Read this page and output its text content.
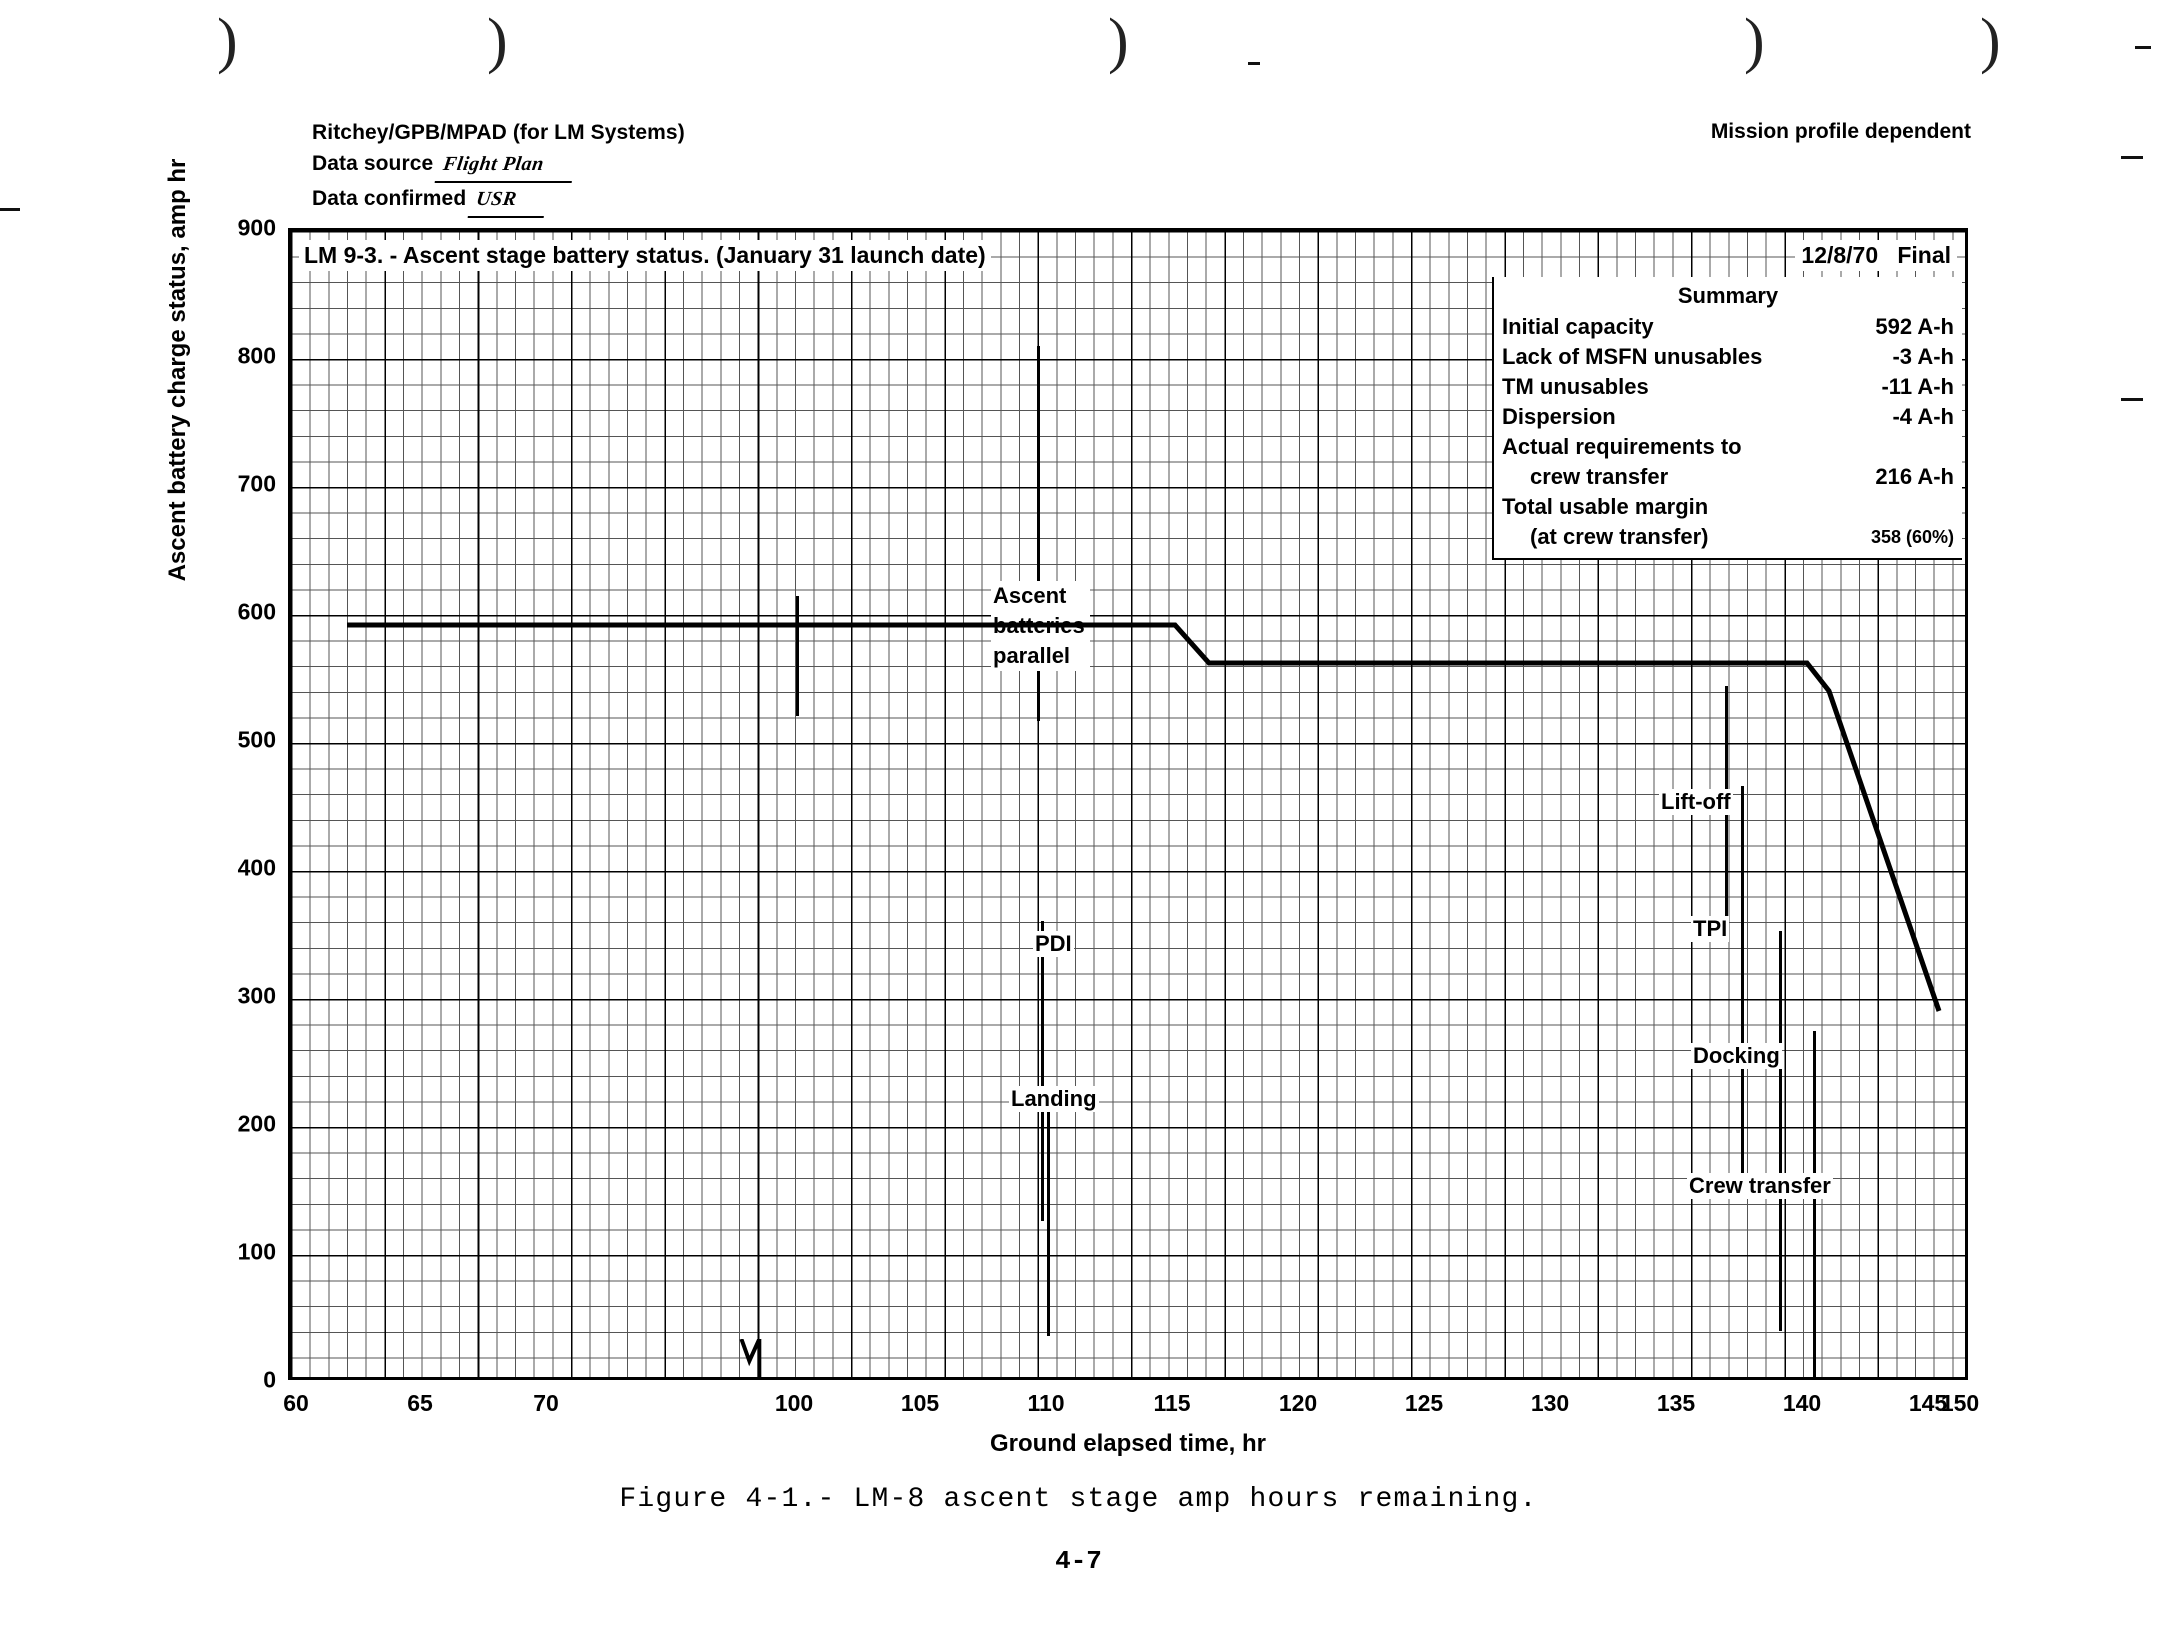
)	)	)	)	)
Ritchey/GPB/MPAD (for LM Systems)
Data source Flight Plan
Data confirmed USR
Mission profile dependent
900
800
700
600
500
400
300
200
100
0
Ascent battery charge status, amp hr	LM 9-3. - Ascent stage battery status. (January 31 launch date)	12/8/70 Final
Summary
Initial capacity	592 A-h
Lack of MSFN unusables	-3 A-h
TM unusables	-11 A-h
Dispersion	-4 A-h
Actual requirements to
crew transfer	216 A-h
Total usable margin
(at crew transfer)	358 (60%)
Ascent batteries parallel
PDI
Landing
Lift-off
TPI
Docking
Crew transfer
60	65	70	100	105	110	115	120	125	130	135	140	145
150
Ground elapsed time, hr
Figure 4-1.- LM-8 ascent stage amp hours remaining.
4-7
